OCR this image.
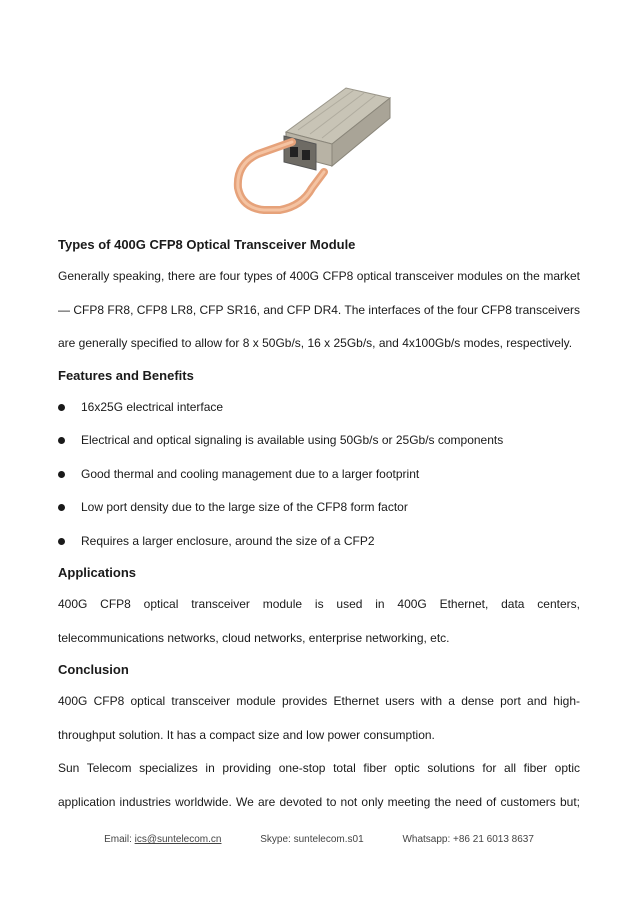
Types of 400G CFP8 Optical Transceiver Module

Generally speaking, there are four types of 400G CFP8 optical transceiver modules on the market — CFP8 FR8, CFP8 LR8, CFP SR16, and CFP DR4. The interfaces of the four CFP8 transceivers are generally specified to allow for 8 x 50Gb/s, 16 x 25Gb/s, and 4x100Gb/s modes, respectively.

Features and Benefits
16x25G electrical interface
Electrical and optical signaling is available using 50Gb/s or 25Gb/s components
Good thermal and cooling management due to a larger footprint
Low port density due to the large size of the CFP8 form factor
Requires a larger enclosure, around the size of a CFP2
Applications

400G CFP8 optical transceiver module is used in 400G Ethernet, data centers, telecommunications networks, cloud networks, enterprise networking, etc.

Conclusion

400G CFP8 optical transceiver module provides Ethernet users with a dense port and high-throughput solution. It has a compact size and low power consumption.

Sun Telecom specializes in providing one-stop total fiber optic solutions for all fiber optic application industries worldwide. We are devoted to not only meeting the need of customers but;

Email: ics@suntelecom.cn	Skype: suntelecom.s01	Whatsapp: +86 21 6013 8637
